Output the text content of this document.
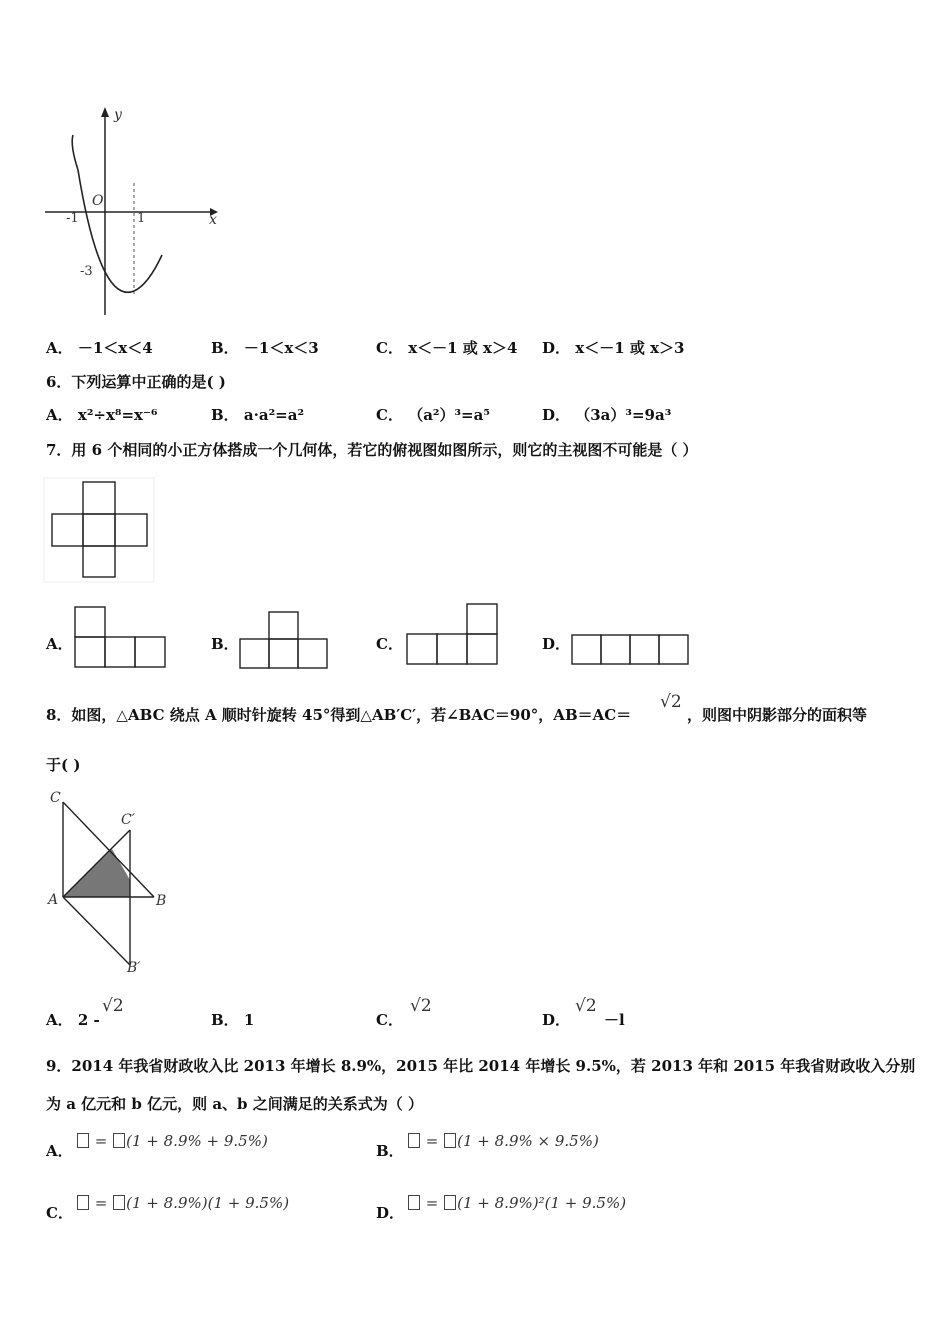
y
x
O
-1	1
-3
A． －1＜x＜4	B． －1＜x＜3	C． x＜－1 或 x＞4 D． x＜－1 或 x＞3
6．下列运算中正确的是( )
A． x²÷x⁸=x⁻⁶	B． a·a²=a²	C． （a²）³=a⁵	D． （3a）³=9a³
7．用 6 个相同的小正方体搭成一个几何体，若它的俯视图如图所示，则它的主视图不可能是（ ）
A．	B．	C．	D．
8．如图，△ABC 绕点 A 顺时针旋转 45°得到△AB′C′，若∠BAC＝90°，AB＝AC＝
√2
，则图中阴影部分的面积等
于( )
C
C′
A	B
B′
A． 2 -
√2
B． 1	C．
√2
D．
√2
－l
9．2014 年我省财政收入比 2013 年增长 8.9%，2015 年比 2014 年增长 9.5%，若 2013 年和 2015 年我省财政收入分别
为 a 亿元和 b 亿元，则 a、b 之间满足的关系式为（ ）
A．
= (1 + 8.9% + 9.5%)
B．
= (1 + 8.9% × 9.5%)
C．
= (1 + 8.9%)(1 + 9.5%)
D．
= (1 + 8.9%)²(1 + 9.5%)
